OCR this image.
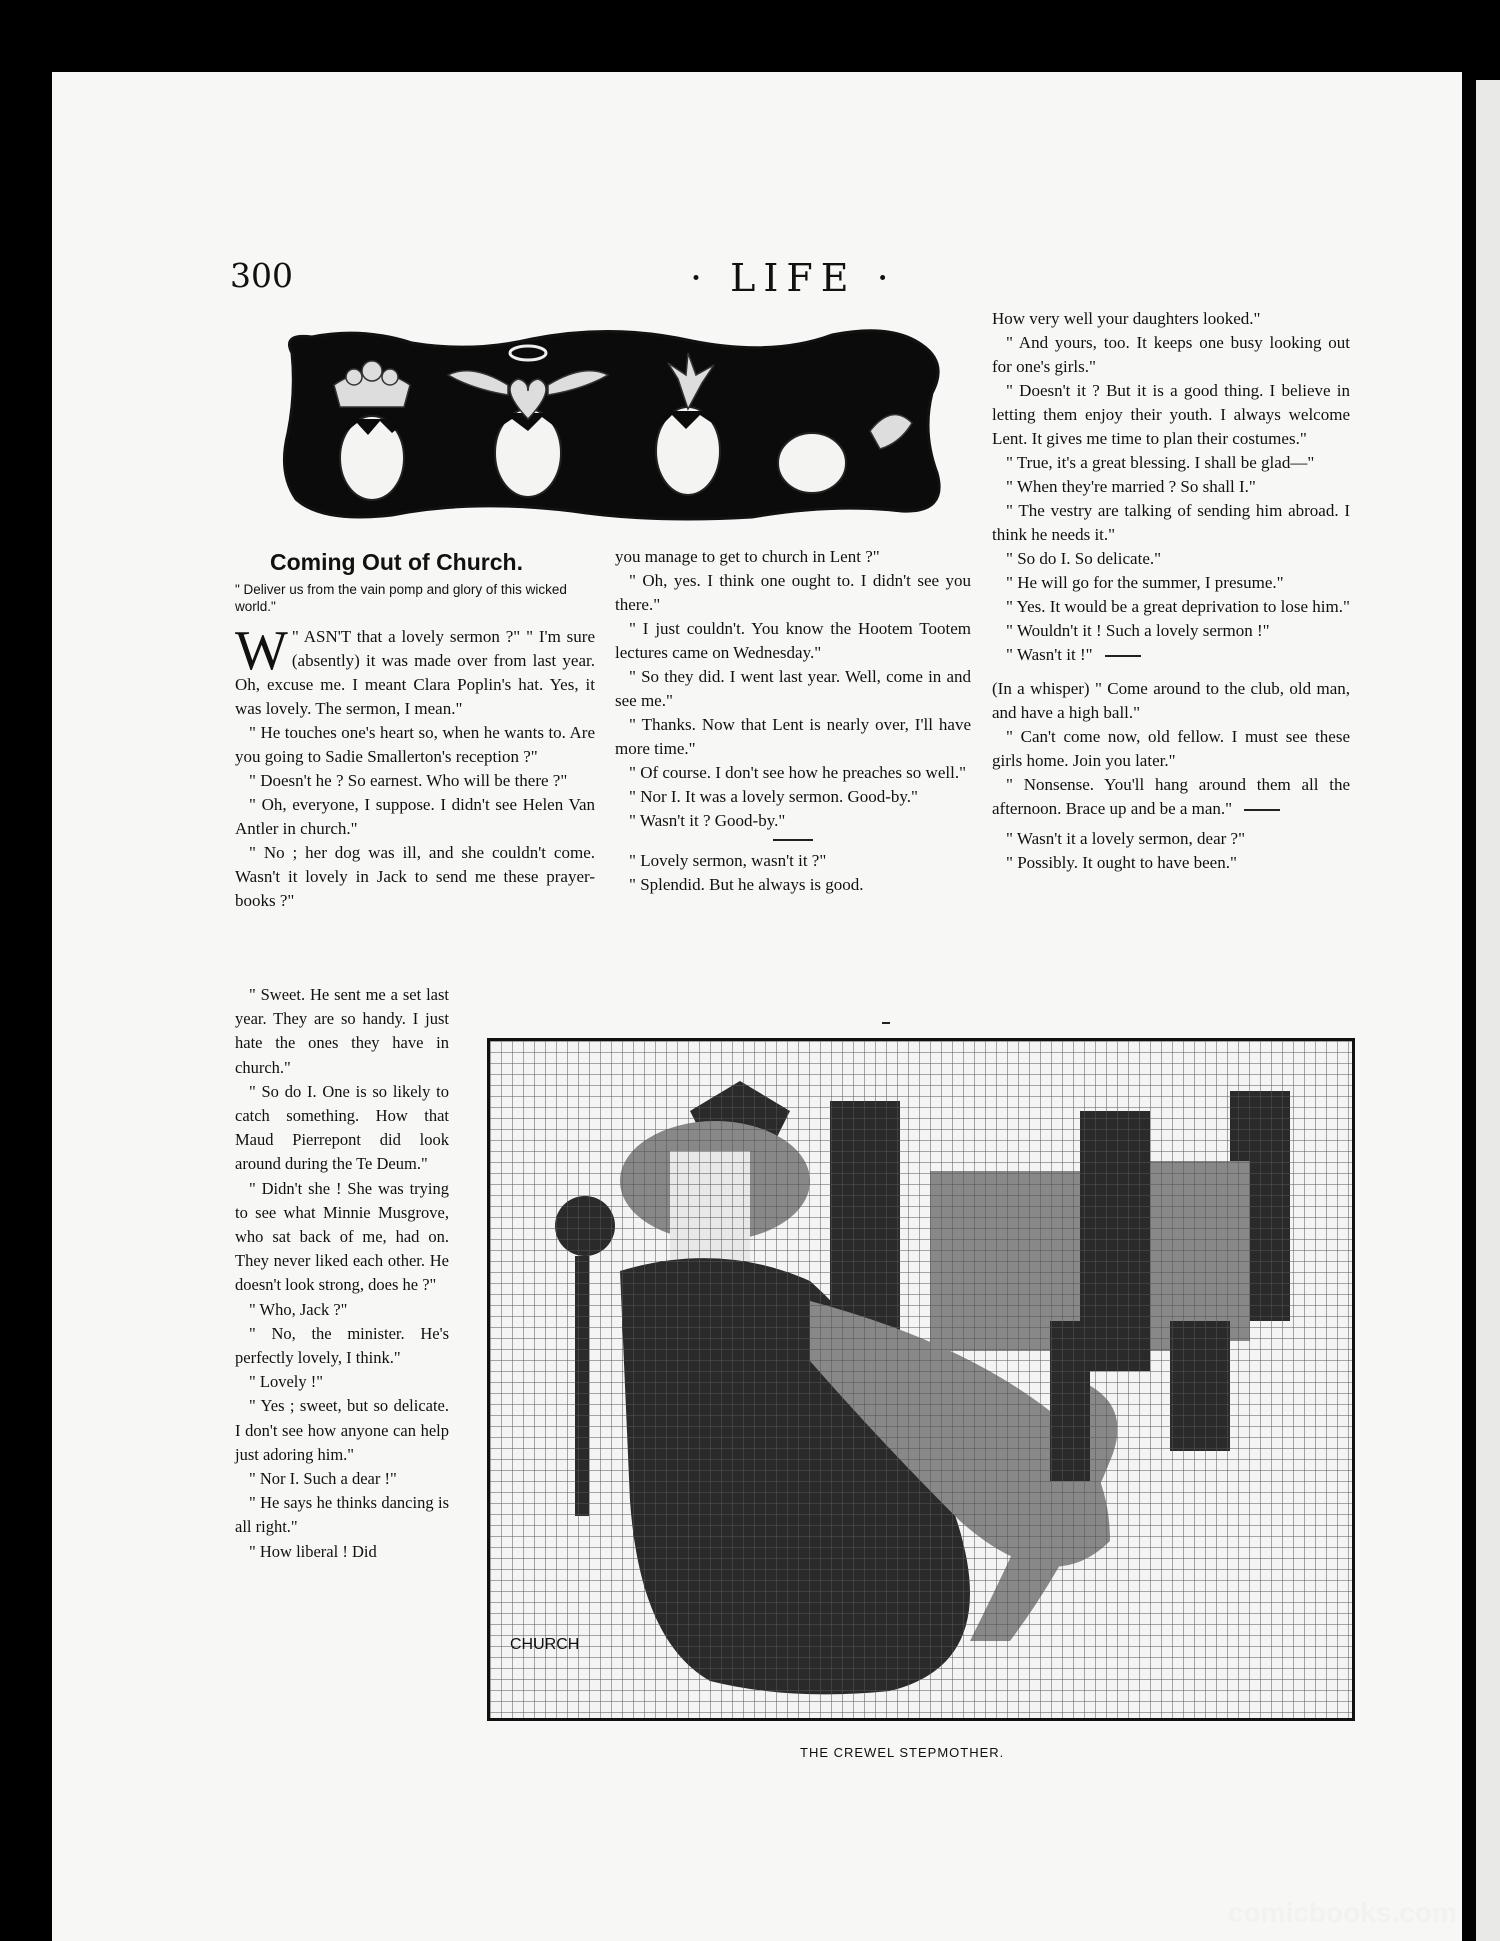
300	· LIFE ·
Coming Out of Church.
" Deliver us from the vain pomp and glory of this wicked world."

W " ASN'T that a lovely sermon ?" " I'm sure (absently) it was made over from last year. Oh, excuse me. I meant Clara Poplin's hat. Yes, it was lovely. The sermon, I mean."

" He touches one's heart so, when he wants to. Are you going to Sadie Smallerton's reception ?"

" Doesn't he ? So earnest. Who will be there ?"

" Oh, everyone, I suppose. I didn't see Helen Van Antler in church."

" No ; her dog was ill, and she couldn't come. Wasn't it lovely in Jack to send me these prayer-books ?"

" Sweet. He sent me a set last year. They are so handy. I just hate the ones they have in church."

" So do I. One is so likely to catch something. How that Maud Pierrepont did look around during the Te Deum."

" Didn't she ! She was trying to see what Minnie Musgrove, who sat back of me, had on. They never liked each other. He doesn't look strong, does he ?"

" Who, Jack ?"

" No, the minister. He's perfectly lovely, I think."

" Lovely !"

" Yes ; sweet, but so delicate. I don't see how anyone can help just adoring him."

" Nor I. Such a dear !"

" He says he thinks dancing is all right."

" How liberal ! Did

you manage to get to church in Lent ?"

" Oh, yes. I think one ought to. I didn't see you there."

" I just couldn't. You know the Hootem Tootem lectures came on Wednesday."

" So they did. I went last year. Well, come in and see me."

" Thanks. Now that Lent is nearly over, I'll have more time."

" Of course. I don't see how he preaches so well."

" Nor I. It was a lovely sermon. Good-by."

" Wasn't it ? Good-by."

" Lovely sermon, wasn't it ?"

" Splendid. But he always is good.

How very well your daughters looked."

" And yours, too. It keeps one busy looking out for one's girls."

" Doesn't it ? But it is a good thing. I believe in letting them enjoy their youth. I always welcome Lent. It gives me time to plan their costumes."

" True, it's a great blessing. I shall be glad—"

" When they're married ? So shall I."

" The vestry are talking of sending him abroad. I think he needs it."

" So do I. So delicate."

" He will go for the summer, I presume."

" Yes. It would be a great deprivation to lose him."

" Wouldn't it ! Such a lovely sermon !"

" Wasn't it !"

(In a whisper) " Come around to the club, old man, and have a high ball."

" Can't come now, old fellow. I must see these girls home. Join you later."

" Nonsense. You'll hang around them all the afternoon. Brace up and be a man."

" Wasn't it a lovely sermon, dear ?"

" Possibly. It ought to have been."

CHURCH
THE CREWEL STEPMOTHER.
comicbooks.com
